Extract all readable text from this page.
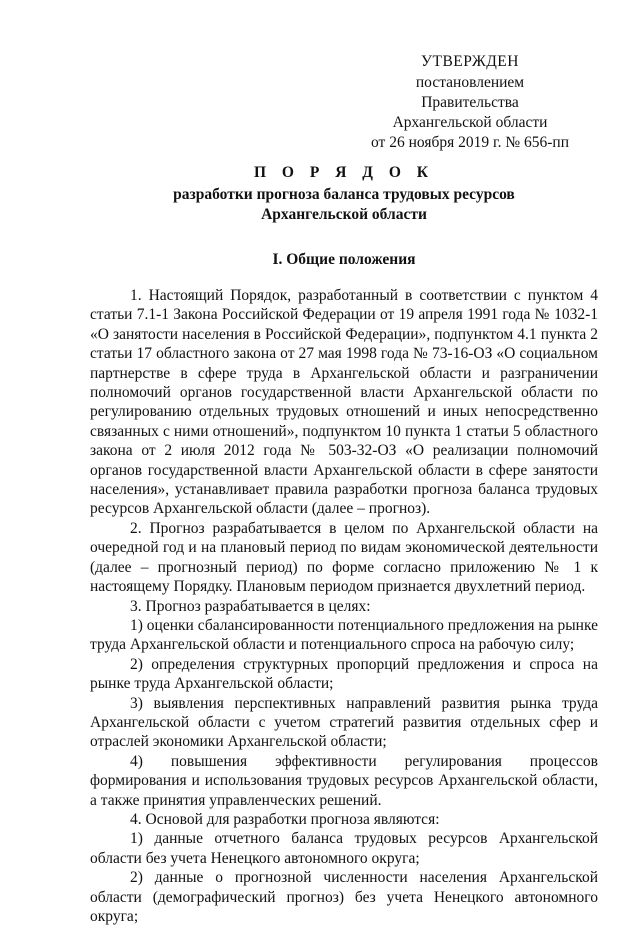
УТВЕРЖДЕН
постановлением Правительства
Архангельской области
от 26 ноября 2019 г. № 656-пп
П О Р Я Д О К
разработки прогноза баланса трудовых ресурсов
Архангельской области
I. Общие положения

1. Настоящий Порядок, разработанный в соответствии с пунктом 4 статьи 7.1-1 Закона Российской Федерации от 19 апреля 1991 года № 1032-1 «О занятости населения в Российской Федерации», подпунктом 4.1 пункта 2 статьи 17 областного закона от 27 мая 1998 года № 73-16-ОЗ «О социальном партнерстве в сфере труда в Архангельской области и разграничении полномочий органов государственной власти Архангельской области по регулированию отдельных трудовых отношений и иных непосредственно связанных с ними отношений», подпунктом 10 пункта 1 статьи 5 областного закона от 2 июля 2012 года № 503-32-ОЗ «О реализации полномочий органов государственной власти Архангельской области в сфере занятости населения», устанавливает правила разработки прогноза баланса трудовых ресурсов Архангельской области (далее – прогноз).

2. Прогноз разрабатывается в целом по Архангельской области на очередной год и на плановый период по видам экономической деятельности (далее – прогнозный период) по форме согласно приложению № 1 к настоящему Порядку. Плановым периодом признается двухлетний период.

3. Прогноз разрабатывается в целях:

1) оценки сбалансированности потенциального предложения на рынке труда Архангельской области и потенциального спроса на рабочую силу;

2) определения структурных пропорций предложения и спроса на рынке труда Архангельской области;

3) выявления перспективных направлений развития рынка труда Архангельской области с учетом стратегий развития отдельных сфер и отраслей экономики Архангельской области;

4) повышения эффективности регулирования процессов формирования и использования трудовых ресурсов Архангельской области, а также принятия управленческих решений.

4. Основой для разработки прогноза являются:

1) данные отчетного баланса трудовых ресурсов Архангельской области без учета Ненецкого автономного округа;

2) данные о прогнозной численности населения Архангельской области (демографический прогноз) без учета Ненецкого автономного округа;
